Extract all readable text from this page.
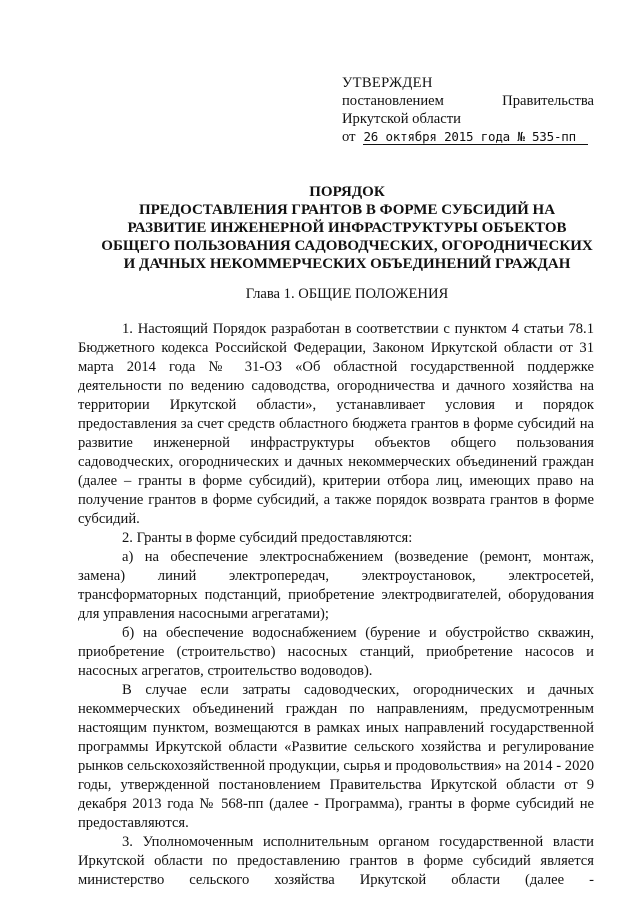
УТВЕРЖДЕН
постановлением	Правительства
Иркутской области
от 26 октября 2015 года № 535-пп
ПОРЯДОК
ПРЕДОСТАВЛЕНИЯ ГРАНТОВ В ФОРМЕ СУБСИДИЙ НА
РАЗВИТИЕ ИНЖЕНЕРНОЙ ИНФРАСТРУКТУРЫ ОБЪЕКТОВ
ОБЩЕГО ПОЛЬЗОВАНИЯ САДОВОДЧЕСКИХ, ОГОРОДНИЧЕСКИХ
И ДАЧНЫХ НЕКОММЕРЧЕСКИХ ОБЪЕДИНЕНИЙ ГРАЖДАН
Глава 1. ОБЩИЕ ПОЛОЖЕНИЯ

1. Настоящий Порядок разработан в соответствии с пунктом 4 статьи 78.1 Бюджетного кодекса Российской Федерации, Законом Иркутской области от 31 марта 2014 года № 31-ОЗ «Об областной государственной поддержке деятельности по ведению садоводства, огородничества и дачного хозяйства на территории Иркутской области», устанавливает условия и порядок предоставления за счет средств областного бюджета грантов в форме субсидий на развитие инженерной инфраструктуры объектов общего пользования садоводческих, огороднических и дачных некоммерческих объединений граждан (далее – гранты в форме субсидий), критерии отбора лиц, имеющих право на получение грантов в форме субсидий, а также порядок возврата грантов в форме субсидий.

2. Гранты в форме субсидий предоставляются:

а) на обеспечение электроснабжением (возведение (ремонт, монтаж, замена) линий электропередач, электроустановок, электросетей, трансформаторных подстанций, приобретение электродвигателей, оборудования для управления насосными агрегатами);

б) на обеспечение водоснабжением (бурение и обустройство скважин, приобретение (строительство) насосных станций, приобретение насосов и насосных агрегатов, строительство водоводов).

В случае если затраты садоводческих, огороднических и дачных некоммерческих объединений граждан по направлениям, предусмотренным настоящим пунктом, возмещаются в рамках иных направлений государственной программы Иркутской области «Развитие сельского хозяйства и регулирование рынков сельскохозяйственной продукции, сырья и продовольствия» на 2014 - 2020 годы, утвержденной постановлением Правительства Иркутской области от 9 декабря 2013 года № 568-пп (далее - Программа), гранты в форме субсидий не предоставляются.

3. Уполномоченным исполнительным органом государственной власти Иркутской области по предоставлению грантов в форме субсидий является министерство сельского хозяйства Иркутской области (далее -
